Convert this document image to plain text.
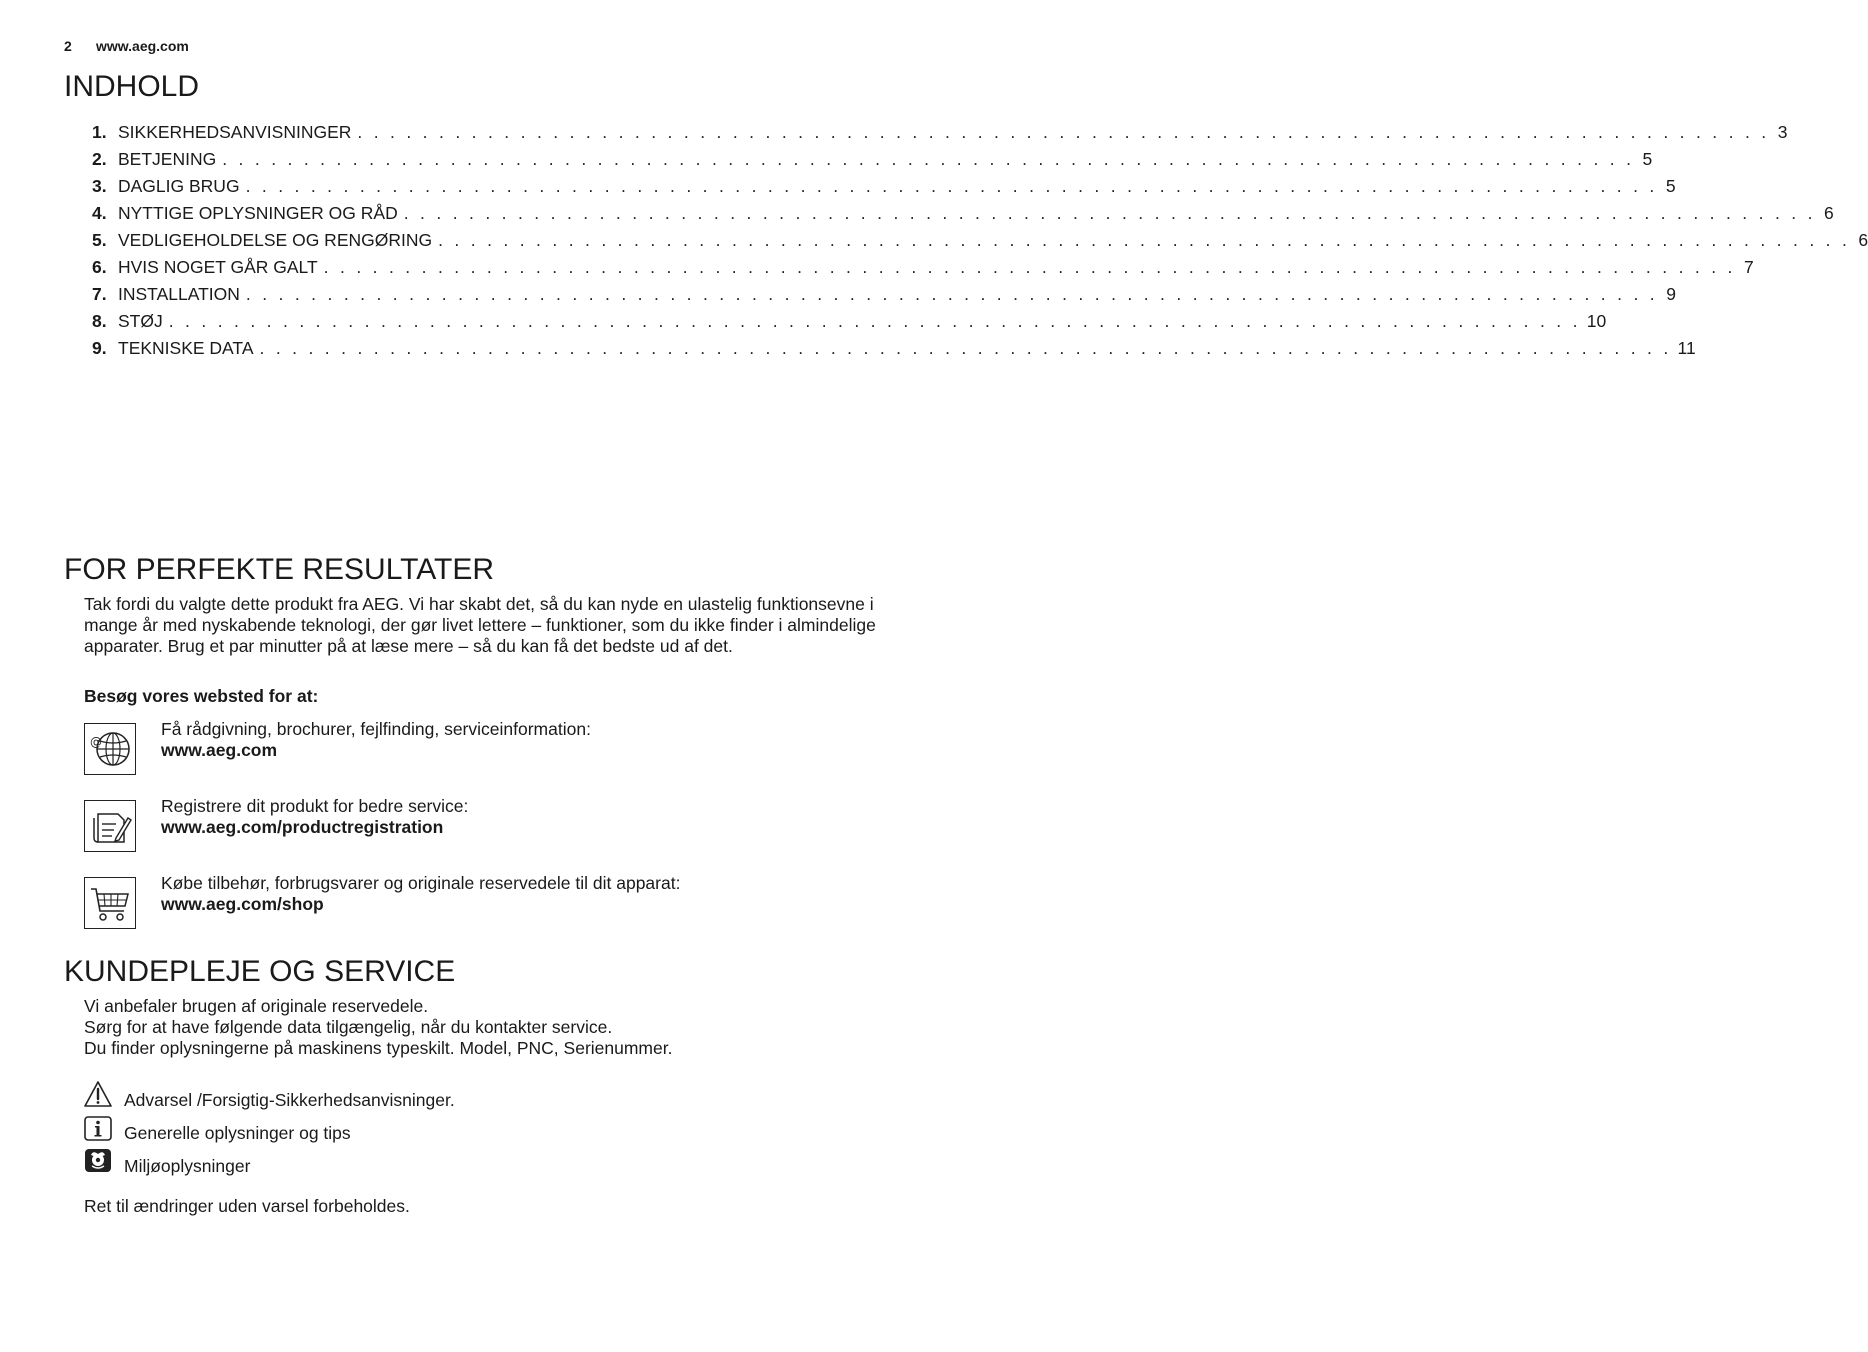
2 www.aeg.com
INDHOLD
1. SIKKERHEDSANVISNINGER . . . . . . . . . . . . . . . . . . . . . . . . . . . . . . . . . . . . . . . . . . . . . . . . . . . . . . . . . . . . . . . . . . . . . . . . . . . . . . . . . . . . . . . 3
2. BETJENING . . . . . . . . . . . . . . . . . . . . . . . . . . . . . . . . . . . . . . . . . . . . . . . . . . . . . . . . . . . . . . . . . . . . . . . . . . . . . . . . . . . . . . . 5
3. DAGLIG BRUG . . . . . . . . . . . . . . . . . . . . . . . . . . . . . . . . . . . . . . . . . . . . . . . . . . . . . . . . . . . . . . . . . . . . . . . . . . . . . . . . . . . . . . . 5
4. NYTTIGE OPLYSNINGER OG RÅD . . . . . . . . . . . . . . . . . . . . . . . . . . . . . . . . . . . . . . . . . . . . . . . . . . . . . . . . . . . . . . . . . . . . . . . . . . . . . . . . . . . . . . . 6
5. VEDLIGEHOLDELSE OG RENGØRING . . . . . . . . . . . . . . . . . . . . . . . . . . . . . . . . . . . . . . . . . . . . . . . . . . . . . . . . . . . . . . . . . . . . . . . . . . . . . . . . . . . . . . . 6
6. HVIS NOGET GÅR GALT . . . . . . . . . . . . . . . . . . . . . . . . . . . . . . . . . . . . . . . . . . . . . . . . . . . . . . . . . . . . . . . . . . . . . . . . . . . . . . . . . . . . . . . 7
7. INSTALLATION . . . . . . . . . . . . . . . . . . . . . . . . . . . . . . . . . . . . . . . . . . . . . . . . . . . . . . . . . . . . . . . . . . . . . . . . . . . . . . . . . . . . . . . 9
8. STØJ . . . . . . . . . . . . . . . . . . . . . . . . . . . . . . . . . . . . . . . . . . . . . . . . . . . . . . . . . . . . . . . . . . . . . . . . . . . . . . . . . . . . . . . 10
9. TEKNISKE DATA . . . . . . . . . . . . . . . . . . . . . . . . . . . . . . . . . . . . . . . . . . . . . . . . . . . . . . . . . . . . . . . . . . . . . . . . . . . . . . . . . . . . . . . 11
FOR PERFEKTE RESULTATER
Tak fordi du valgte dette produkt fra AEG. Vi har skabt det, så du kan nyde en ulastelig funktionsevne i mange år med nyskabende teknologi, der gør livet lettere – funktioner, som du ikke finder i almindelige apparater. Brug et par minutter på at læse mere – så du kan få det bedste ud af det.
Besøg vores websted for at:
@
Få rådgivning, brochurer, fejlfinding, serviceinformation:
www.aeg.com
Registrere dit produkt for bedre service:
www.aeg.com/productregistration
Købe tilbehør, forbrugsvarer og originale reservedele til dit apparat:
www.aeg.com/shop
KUNDEPLEJE OG SERVICE
Vi anbefaler brugen af originale reservedele.
Sørg for at have følgende data tilgængelig, når du kontakter service.
Du finder oplysningerne på maskinens typeskilt. Model, PNC, Serienummer.
Advarsel /Forsigtig-Sikkerhedsanvisninger.
Generelle oplysninger og tips
Miljøoplysninger
Ret til ændringer uden varsel forbeholdes.
